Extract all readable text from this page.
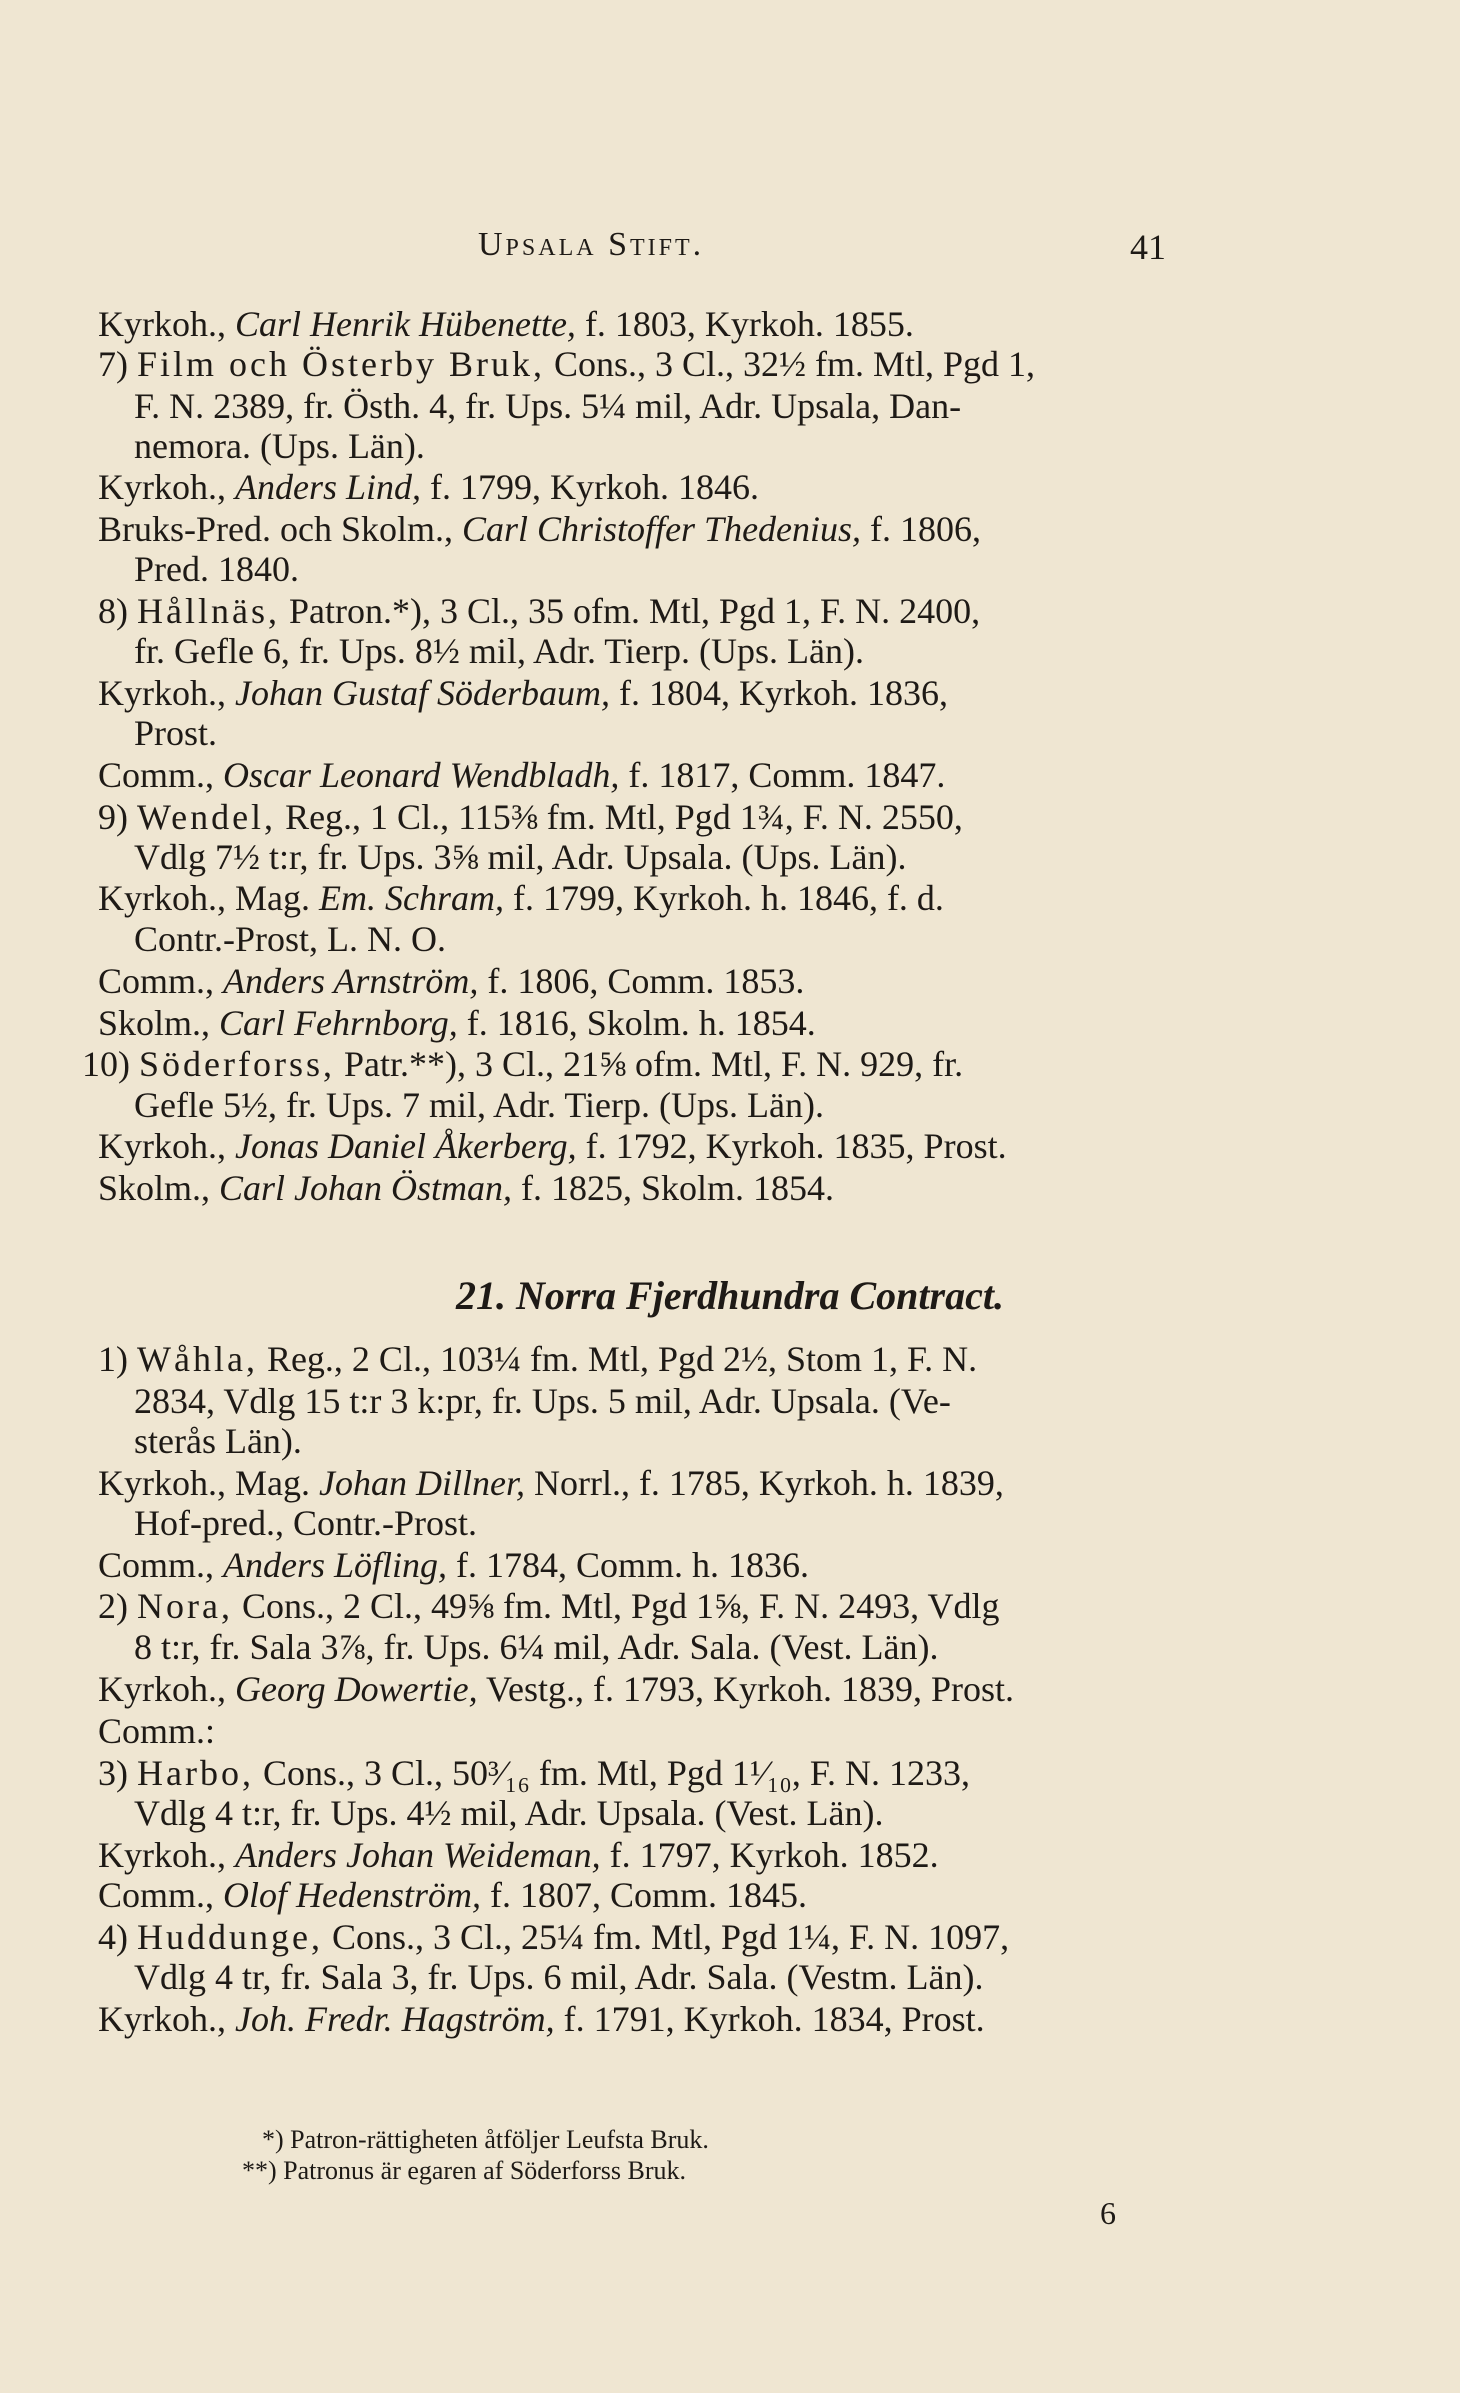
Upsala Stift.	41
Kyrkoh., Carl Henrik Hübenette, f. 1803, Kyrkoh. 1855.
7) Film och Österby Bruk, Cons., 3 Cl., 32½ fm. Mtl, Pgd 1,
F. N. 2389, fr. Östh. 4, fr. Ups. 5¼ mil, Adr. Upsala, Dan-
nemora. (Ups. Län).
Kyrkoh., Anders Lind, f. 1799, Kyrkoh. 1846.
Bruks-Pred. och Skolm., Carl Christoffer Thedenius, f. 1806,
Pred. 1840.
8) Hållnäs, Patron.*), 3 Cl., 35 ofm. Mtl, Pgd 1, F. N. 2400,
fr. Gefle 6, fr. Ups. 8½ mil, Adr. Tierp. (Ups. Län).
Kyrkoh., Johan Gustaf Söderbaum, f. 1804, Kyrkoh. 1836,
Prost.
Comm., Oscar Leonard Wendbladh, f. 1817, Comm. 1847.
9) Wendel, Reg., 1 Cl., 115⅜ fm. Mtl, Pgd 1¾, F. N. 2550,
Vdlg 7½ t:r, fr. Ups. 3⅝ mil, Adr. Upsala. (Ups. Län).
Kyrkoh., Mag. Em. Schram, f. 1799, Kyrkoh. h. 1846, f. d.
Contr.-Prost, L. N. O.
Comm., Anders Arnström, f. 1806, Comm. 1853.
Skolm., Carl Fehrnborg, f. 1816, Skolm. h. 1854.
10) Söderforss, Patr.**), 3 Cl., 21⅝ ofm. Mtl, F. N. 929, fr.
Gefle 5½, fr. Ups. 7 mil, Adr. Tierp. (Ups. Län).
Kyrkoh., Jonas Daniel Åkerberg, f. 1792, Kyrkoh. 1835, Prost.
Skolm., Carl Johan Östman, f. 1825, Skolm. 1854.
1) Wåhla, Reg., 2 Cl., 103¼ fm. Mtl, Pgd 2½, Stom 1, F. N.
2834, Vdlg 15 t:r 3 k:pr, fr. Ups. 5 mil, Adr. Upsala. (Ve-
sterås Län).
Kyrkoh., Mag. Johan Dillner, Norrl., f. 1785, Kyrkoh. h. 1839,
Hof-pred., Contr.-Prost.
Comm., Anders Löfling, f. 1784, Comm. h. 1836.
2) Nora, Cons., 2 Cl., 49⅝ fm. Mtl, Pgd 1⅝, F. N. 2493, Vdlg
8 t:r, fr. Sala 3⅞, fr. Ups. 6¼ mil, Adr. Sala. (Vest. Län).
Kyrkoh., Georg Dowertie, Vestg., f. 1793, Kyrkoh. 1839, Prost.
Comm.:
3) Harbo, Cons., 3 Cl., 50³⁄₁₆ fm. Mtl, Pgd 1¹⁄₁₀, F. N. 1233,
Vdlg 4 t:r, fr. Ups. 4½ mil, Adr. Upsala. (Vest. Län).
Kyrkoh., Anders Johan Weideman, f. 1797, Kyrkoh. 1852.
Comm., Olof Hedenström, f. 1807, Comm. 1845.
4) Huddunge, Cons., 3 Cl., 25¼ fm. Mtl, Pgd 1¼, F. N. 1097,
Vdlg 4 tr, fr. Sala 3, fr. Ups. 6 mil, Adr. Sala. (Vestm. Län).
Kyrkoh., Joh. Fredr. Hagström, f. 1791, Kyrkoh. 1834, Prost.
21. Norra Fjerdhundra Contract.
*) Patron-rättigheten åtföljer Leufsta Bruk.
**) Patronus är egaren af Söderforss Bruk.
6
